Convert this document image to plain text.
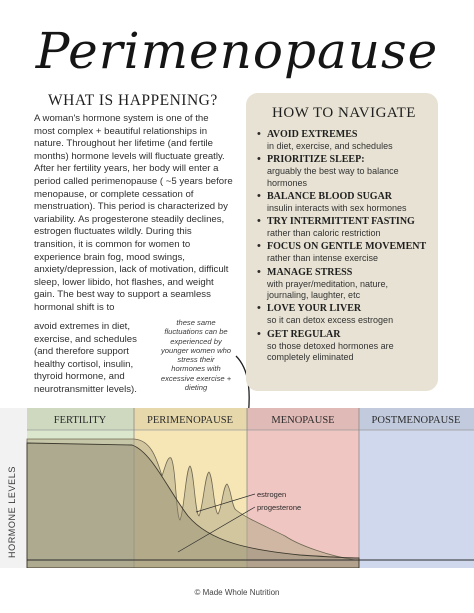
Perimenopause
WHAT IS HAPPENING?
A woman's hormone system is one of the
most complex + beautiful relationships in
nature. Throughout her lifetime (and fertile
months) hormone levels will fluctuate greatly.
After her fertility years, her body will enter a
period called perimenopause ( ~5 years before
menopause, or complete cessation of
menstruation). This period is characterized by
variability. As progesterone steadily declines,
estrogen fluctuates wildly. During this
transition, it is common for women to
experience brain fog, mood swings,
anxiety/depression, lack of motivation, difficult
sleep, lower libido, hot flashes, and weight
gain. The best way to support a seamless
hormonal shift is to
avoid extremes in diet,
exercise, and schedules
(and therefore support
healthy cortisol, insulin,
thyroid hormone, and
neurotransmitter levels).
these same
fluctuations can be
experienced by
younger women who
stress their
hormones with
excessive exercise +
dieting
HOW TO NAVIGATE
• AVOID EXTREMES
in diet, exercise, and schedules
• PRIORITIZE SLEEP:
arguably the best way to balance
hormones
• BALANCE BLOOD SUGAR
insulin interacts with sex hormones
• TRY INTERMITTENT FASTING
rather than caloric restriction
• FOCUS ON GENTLE MOVEMENT
rather than intense exercise
• MANAGE STRESS
with prayer/meditation, nature,
journaling, laughter, etc
• LOVE YOUR LIVER
so it can detox excess estrogen
• GET REGULAR
so those detoxed hormones are
completely eliminated
FERTILITY	PERIMENOPAUSE	MENOPAUSE	POSTMENOPAUSE
HORMONE LEVELS	estrogen
progesterone
© Made Whole Nutrition
